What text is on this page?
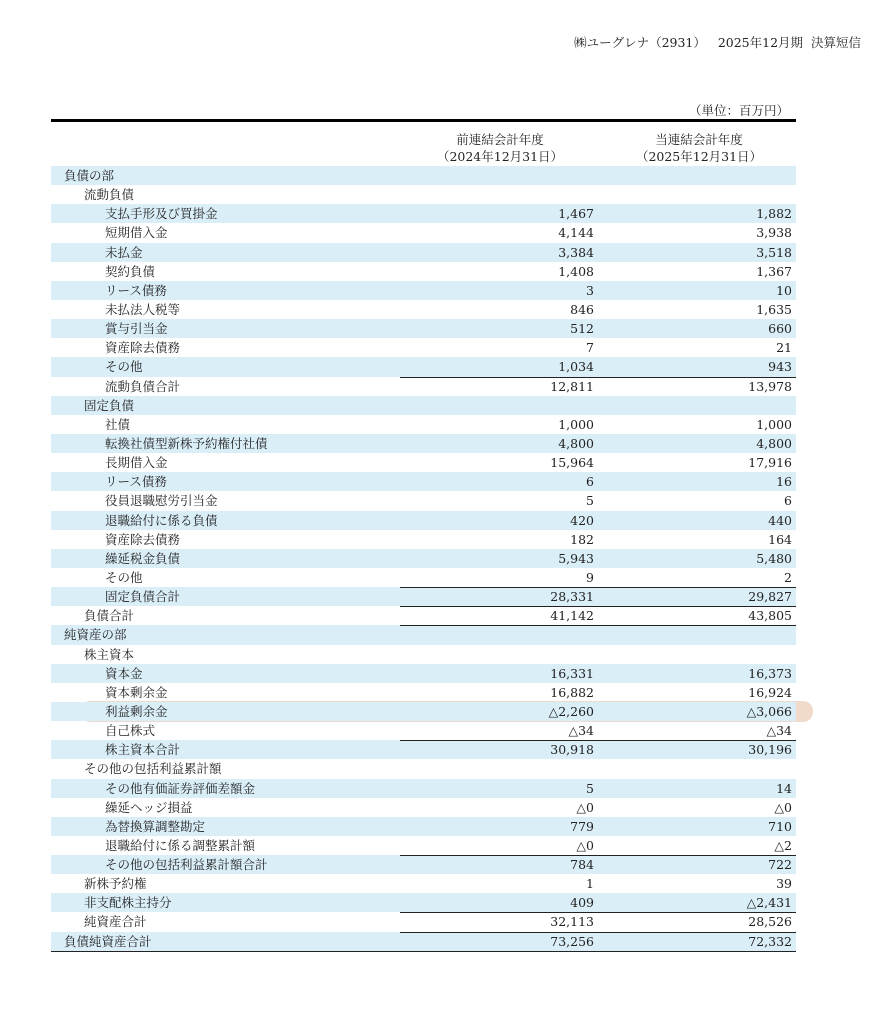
㈱ユーグレナ（2931） 2025年12月期 決算短信
（単位：百万円）
前連結会計年度
（2024年12月31日）
当連結会計年度
（2025年12月31日）
負債の部
流動負債
支払手形及び買掛金	1,467	1,882
短期借入金	4,144	3,938
未払金	3,384	3,518
契約負債	1,408	1,367
リース債務	3	10
未払法人税等	846	1,635
賞与引当金	512	660
資産除去債務	7	21
その他	1,034	943
流動負債合計	12,811	13,978
固定負債
社債	1,000	1,000
転換社債型新株予約権付社債	4,800	4,800
長期借入金	15,964	17,916
リース債務	6	16
役員退職慰労引当金	5	6
退職給付に係る負債	420	440
資産除去債務	182	164
繰延税金負債	5,943	5,480
その他	9	2
固定負債合計	28,331	29,827
負債合計	41,142	43,805
純資産の部
株主資本
資本金	16,331	16,373
資本剰余金	16,882	16,924
利益剰余金	△2,260	△3,066
自己株式	△34	△34
株主資本合計	30,918	30,196
その他の包括利益累計額
その他有価証券評価差額金	5	14
繰延ヘッジ損益	△0	△0
為替換算調整勘定	779	710
退職給付に係る調整累計額	△0	△2
その他の包括利益累計額合計	784	722
新株予約権	1	39
非支配株主持分	409	△2,431
純資産合計	32,113	28,526
負債純資産合計	73,256	72,332
